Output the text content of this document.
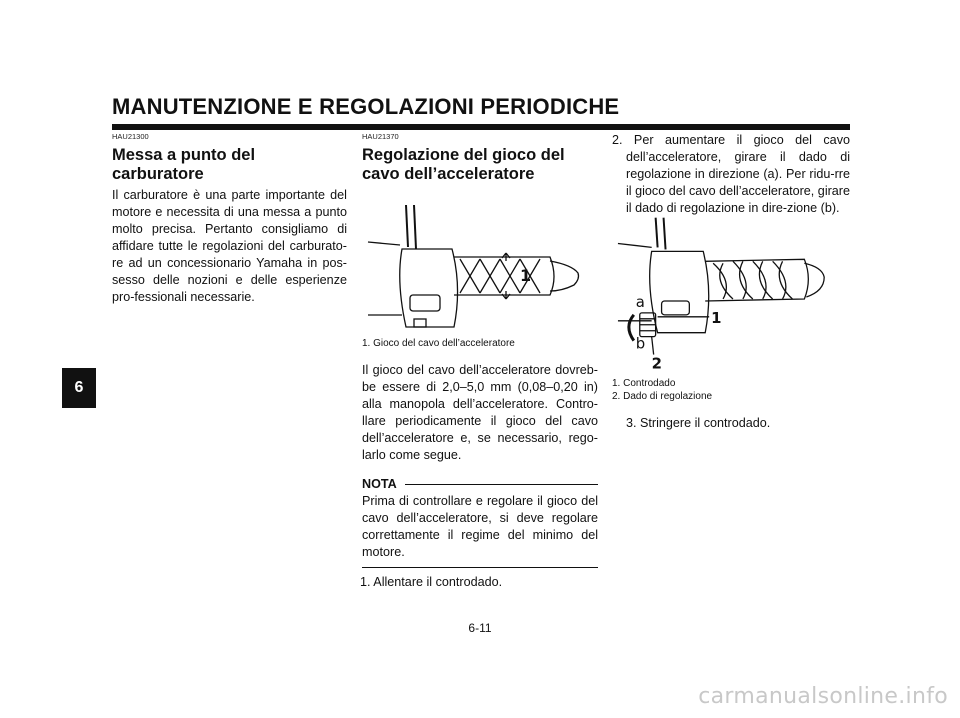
MANUTENZIONE E REGOLAZIONI PERIODICHE
6

HAU21300

Messa a punto del carburatore

Il carburatore è una parte importante del motore e necessita di una messa a punto molto precisa. Pertanto consigliamo di affidare tutte le regolazioni del carburato-re ad un concessionario Yamaha in pos-sesso delle nozioni e delle esperienze pro-fessionali necessarie.

HAU21370

Regolazione del gioco del cavo dell’acceleratore
1

1. Gioco del cavo dell’acceleratore

Il gioco del cavo dell’acceleratore dovreb-be essere di 2,0–5,0 mm (0,08–0,20 in) alla manopola dell’acceleratore. Contro-llare periodicamente il gioco del cavo dell’acceleratore e, se necessario, rego-larlo come segue.

NOTA

Prima di controllare e regolare il gioco del cavo dell’acceleratore, si deve regolare correttamente il regime del minimo del motore.

1. Allentare il controdado.

2. Per aumentare il gioco del cavo dell’acceleratore, girare il dado di regolazione in direzione (a). Per ridu-rre il gioco del cavo dell’acceleratore, girare il dado di regolazione in dire-zione (b).

a
b
1
2

1. Controdado

2. Dado di regolazione

3. Stringere il controdado.

6-11
carmanualsonline.info
